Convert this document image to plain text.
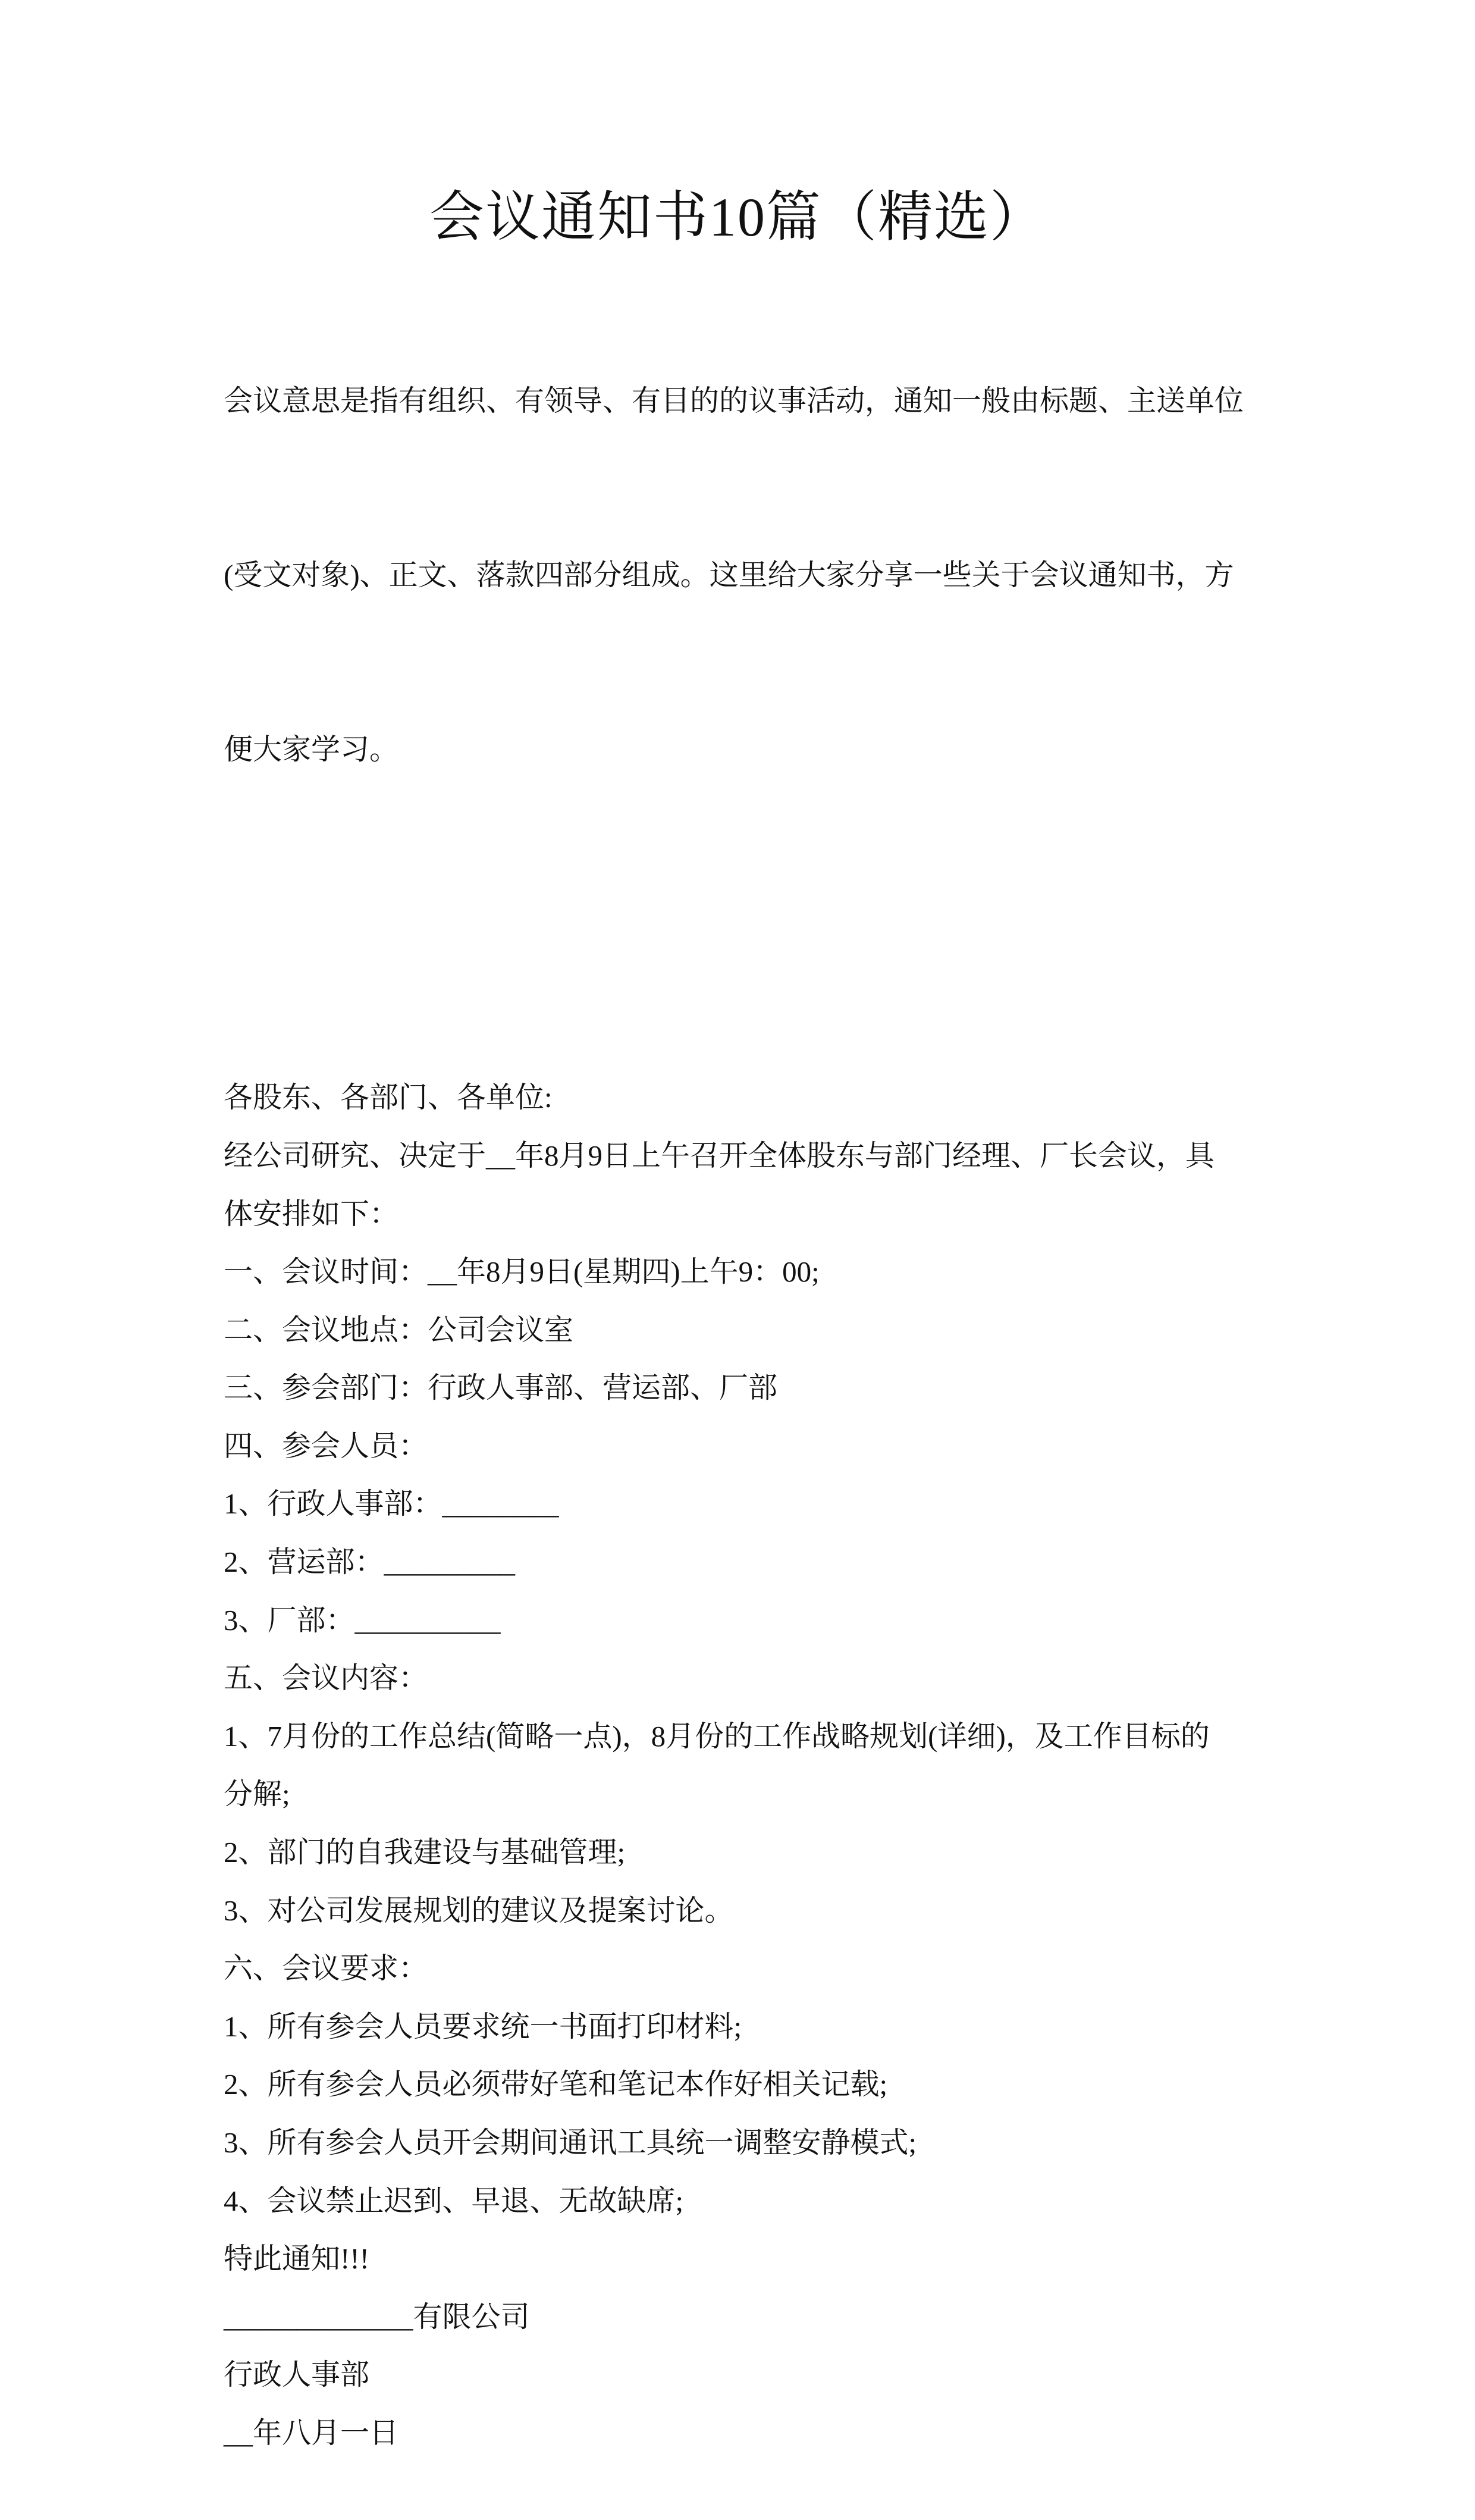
会议通知书10篇（精选）

会议意思是指有组织、有领导、有目的的议事活动，通知一般由标题、主送单位

(受文对象)、正文、落款四部分组成。这里给大家分享一些关于会议通知书，方

便大家学习。

各股东、各部门、各单位:
经公司研究、决定于__年8月9日上午召开全体股东与部门经理、厂长会议，具
体安排如下：
一、会议时间：__年8月9日(星期四)上午9：00;
二、会议地点：公司会议室
三、参会部门：行政人事部、营运部、厂部
四、参会人员：
1、行政人事部：________
2、营运部：_________
3、厂部：__________
五、会议内容：
1、7月份的工作总结(简略一点)，8月份的工作战略规划(详细)，及工作目标的
分解;
2、部门的自我建设与基础管理;
3、对公司发展规划的建议及提案讨论。
六、会议要求：
1、所有参会人员要求统一书面打印材料;
2、所有参会人员必须带好笔和笔记本作好相关记载;
3、所有参会人员开会期间通讯工具统一调整安静模式;
4、会议禁止迟到、早退、无故缺席;
特此通知!!!
_____________有限公司
行政人事部
__年八月一日
